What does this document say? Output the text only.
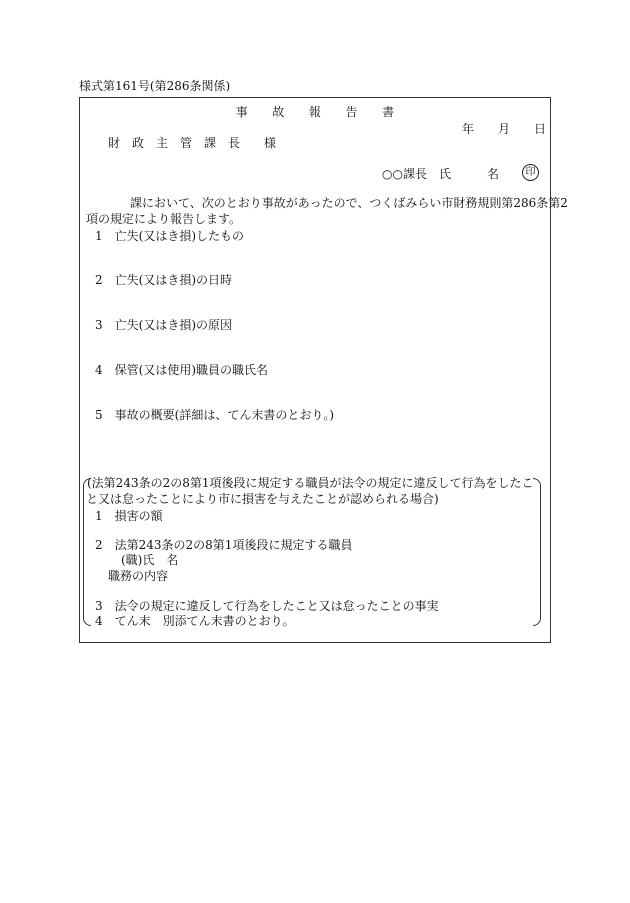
様式第161号(第286条関係)
事　　故　　報　　告　　書
年　　月　　日
財　政　主　管　課　長　　様
○○課長　氏　　　名	印
課において、次のとおり事故があったので、つくばみらい市財務規則第286条第2
項の規定により報告します。
1　亡失(又はき損)したもの
2　亡失(又はき損)の日時
3　亡失(又はき損)の原因
4　保管(又は使用)職員の職氏名
5　事故の概要(詳細は、てん末書のとおり。)
(法第243条の2の8第1項後段に規定する職員が法令の規定に違反して行為をしたこ
と又は怠ったことにより市に損害を与えたことが認められる場合)
1　損害の額
2　法第243条の2の8第1項後段に規定する職員
(職)氏　名
職務の内容
3　法令の規定に違反して行為をしたこと又は怠ったことの事実
4　てん末　別添てん末書のとおり。
